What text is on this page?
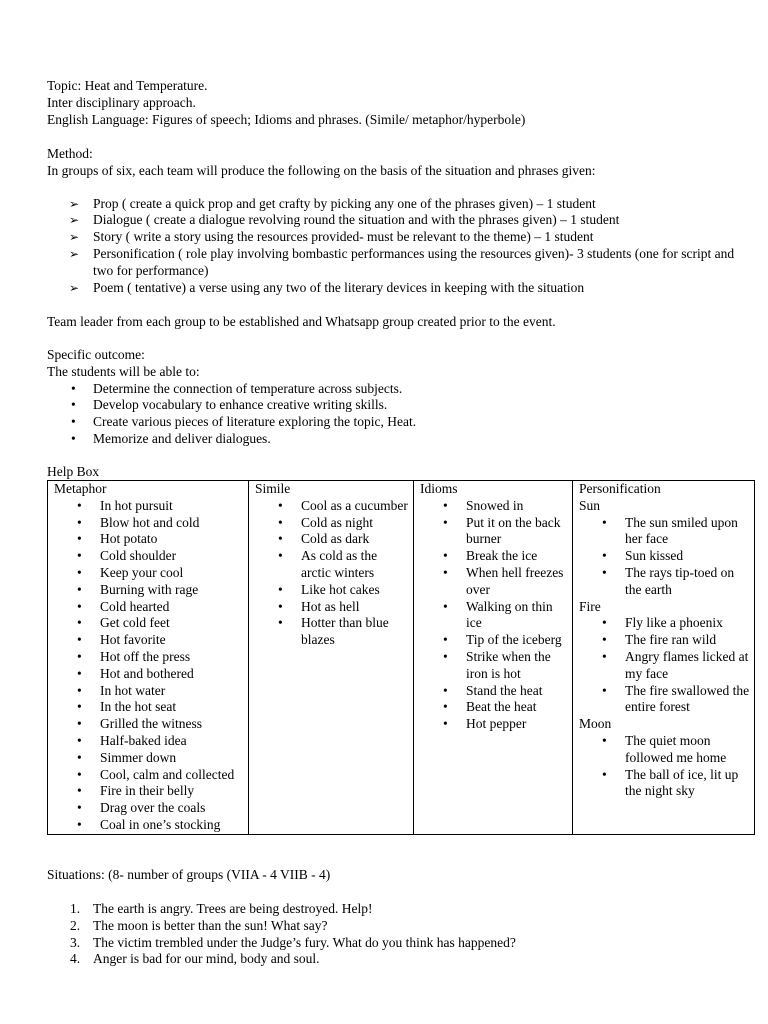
Topic: Heat and Temperature.
Inter disciplinary approach.
English Language: Figures of speech; Idioms and phrases. (Simile/ metaphor/hyperbole)
Method:
In groups of six, each team will produce the following on the basis of the situation and phrases given:
➢ Prop ( create a quick prop and get crafty by picking any one of the phrases given) – 1 student
➢ Dialogue ( create a dialogue revolving round the situation and with the phrases given) – 1 student
➢ Story ( write a story using the resources provided- must be relevant to the theme) – 1 student
➢ Personification ( role play involving bombastic performances using the resources given)- 3 students (one for script and two for performance)
➢ Poem ( tentative) a verse using any two of the literary devices in keeping with the situation
Team leader from each group to be established and Whatsapp group created prior to the event.
Specific outcome:
The students will be able to:
• Determine the connection of temperature across subjects.
• Develop vocabulary to enhance creative writing skills.
• Create various pieces of literature exploring the topic, Heat.
• Memorize and deliver dialogues.
Help Box
Metaphor
• In hot pursuit
• Blow hot and cold
• Hot potato
• Cold shoulder
• Keep your cool
• Burning with rage
• Cold hearted
• Get cold feet
• Hot favorite
• Hot off the press
• Hot and bothered
• In hot water
• In the hot seat
• Grilled the witness
• Half-baked idea
• Simmer down
• Cool, calm and collected
• Fire in their belly
• Drag over the coals
• Coal in one’s stocking

Simile
• Cool as a cucumber
• Cold as night
• Cold as dark
• As cold as the arctic winters
• Like hot cakes
• Hot as hell
• Hotter than blue blazes

Idioms
• Snowed in
• Put it on the back burner
• Break the ice
• When hell freezes over
• Walking on thin ice
• Tip of the iceberg
• Strike when the iron is hot
• Stand the heat
• Beat the heat
• Hot pepper

Personification
Sun
• The sun smiled upon her face
• Sun kissed
• The rays tip-toed on the earth
Fire
• Fly like a phoenix
• The fire ran wild
• Angry flames licked at my face
• The fire swallowed the entire forest
Moon
• The quiet moon followed me home
• The ball of ice, lit up the night sky
Situations: (8- number of groups (VIIA - 4 VIIB - 4)
1. The earth is angry. Trees are being destroyed. Help!
2. The moon is better than the sun! What say?
3. The victim trembled under the Judge’s fury. What do you think has happened?
4. Anger is bad for our mind, body and soul.
